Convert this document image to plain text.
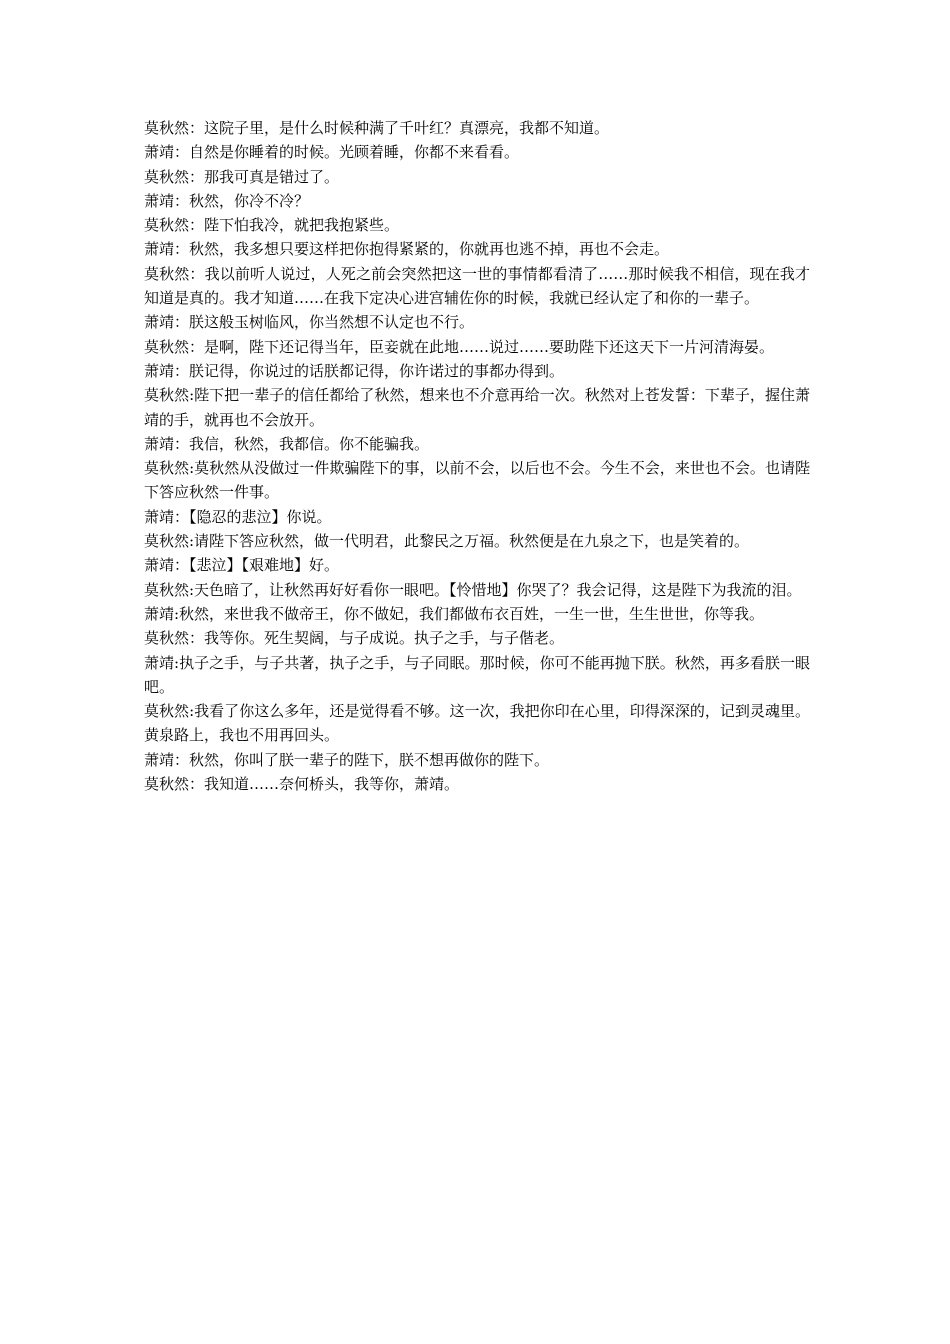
莫秋然：这院子里，是什么时候种满了千叶红？真漂亮，我都不知道。

萧靖：自然是你睡着的时候。光顾着睡，你都不来看看。

莫秋然：那我可真是错过了。

萧靖：秋然，你冷不冷？

莫秋然：陛下怕我冷，就把我抱紧些。

萧靖：秋然，我多想只要这样把你抱得紧紧的，你就再也逃不掉，再也不会走。

莫秋然：我以前听人说过，人死之前会突然把这一世的事情都看清了……那时候我不相信，现在我才知道是真的。我才知道……在我下定决心进宫辅佐你的时候，我就已经认定了和你的一辈子。

萧靖：朕这般玉树临风，你当然想不认定也不行。

莫秋然：是啊，陛下还记得当年，臣妾就在此地……说过……要助陛下还这天下一片河清海晏。

萧靖：朕记得，你说过的话朕都记得，你许诺过的事都办得到。

莫秋然:陛下把一辈子的信任都给了秋然，想来也不介意再给一次。秋然对上苍发誓：下辈子，握住萧靖的手，就再也不会放开。

萧靖：我信，秋然，我都信。你不能骗我。

莫秋然:莫秋然从没做过一件欺骗陛下的事，以前不会，以后也不会。今生不会，来世也不会。也请陛下答应秋然一件事。

萧靖：【隐忍的悲泣】你说。

莫秋然:请陛下答应秋然，做一代明君，此黎民之万福。秋然便是在九泉之下，也是笑着的。

萧靖：【悲泣】【艰难地】好。

莫秋然:天色暗了，让秋然再好好看你一眼吧。【怜惜地】你哭了？我会记得，这是陛下为我流的泪。

萧靖:秋然，来世我不做帝王，你不做妃，我们都做布衣百姓，一生一世，生生世世，你等我。

莫秋然：我等你。死生契阔，与子成说。执子之手，与子偕老。

萧靖:执子之手，与子共著，执子之手，与子同眠。那时候，你可不能再抛下朕。秋然，再多看朕一眼吧。

莫秋然:我看了你这么多年，还是觉得看不够。这一次，我把你印在心里，印得深深的，记到灵魂里。黄泉路上，我也不用再回头。

萧靖：秋然，你叫了朕一辈子的陛下，朕不想再做你的陛下。

莫秋然：我知道……奈何桥头，我等你，萧靖。
